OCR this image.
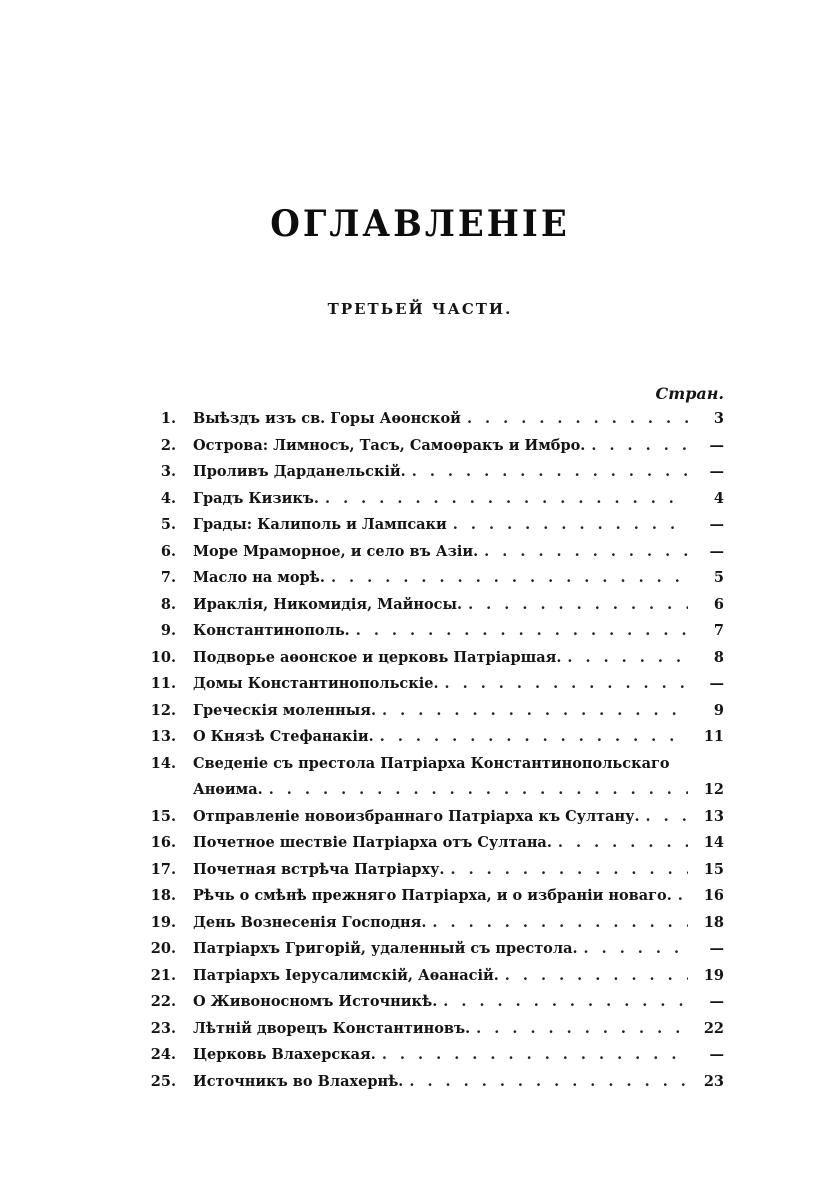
ОГЛАВЛЕНІЕ
ТРЕТЬЕЙ ЧАСТИ.
Стран.
1. Выѣздъ изъ св. Горы Аѳонской . . .	3
2. Острова: Лимносъ, Тасъ, Самоѳракъ и Имбро. . . .	—
3. Проливъ Дарданельскій. . . .	—
4. Градъ Кизикъ. . . .	4
5. Грады: Калиполь и Лампсаки . . .	—
6. Море Мраморное, и село въ Азіи. . . .	—
7. Масло на морѣ. . . .	5
8. Ираклія, Никомидія, Майносы. . . .	6
9. Константинополь. . . .	7
10. Подворье аѳонское и церковь Патріаршая. . . .	8
11. Домы Константинопольскіе. . . .	—
12. Греческія моленныя. . . .	9
13. О Князѣ Стефанакіи. . . .	11
14. Сведеніе съ престола Патріарха Константинопольскаго
Анѳима. . . .	12
15. Отправленіе новоизбраннаго Патріарха къ Султану. . . .	13
16. Почетное шествіе Патріарха отъ Султана. . . .	14
17. Почетная встрѣча Патріарху. . . .	15
18. Рѣчь о смѣнѣ прежняго Патріарха, и о избраніи новаго. . . .	16
19. День Вознесенія Господня. . . .	18
20. Патріархъ Григорій, удаленный съ престола. . . .	—
21. Патріархъ Іерусалимскій, Аѳанасій. . . .	19
22. О Живоносномъ Источникѣ. . . .	—
23. Лѣтній дворецъ Константиновъ. . . .	22
24. Церковь Влахерская. . . .	—
25. Источникъ во Влахернѣ. . . .	23
